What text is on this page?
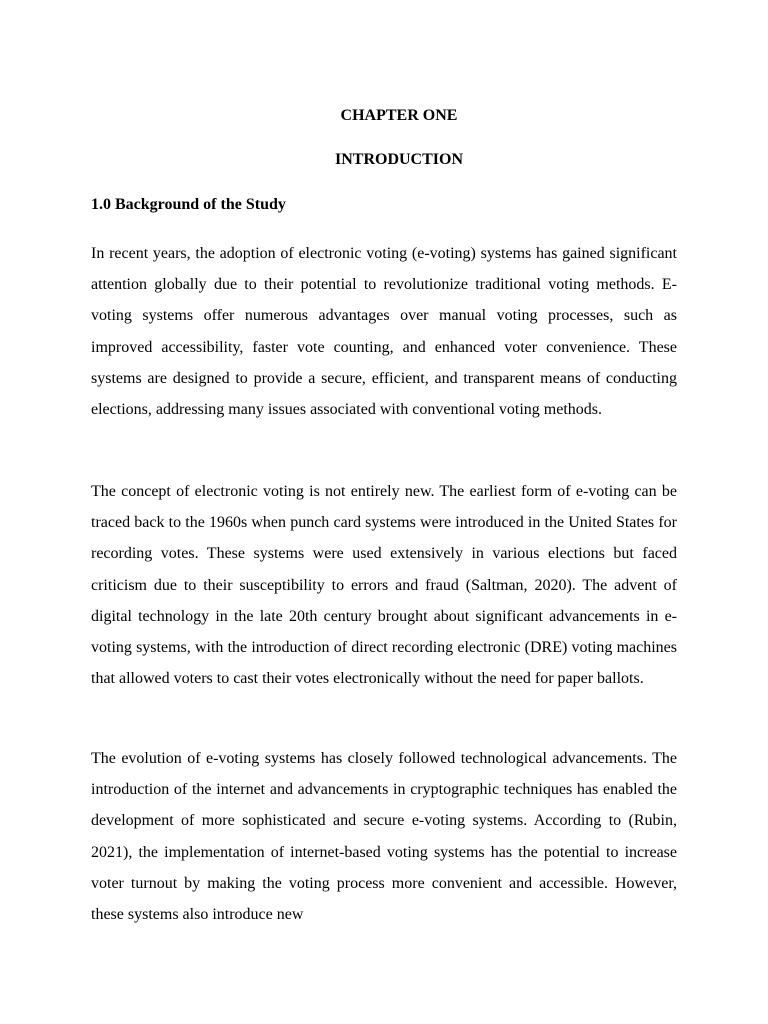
CHAPTER ONE
INTRODUCTION
1.0 Background of the Study

In recent years, the adoption of electronic voting (e-voting) systems has gained significant attention globally due to their potential to revolutionize traditional voting methods. E-voting systems offer numerous advantages over manual voting processes, such as improved accessibility, faster vote counting, and enhanced voter convenience. These systems are designed to provide a secure, efficient, and transparent means of conducting elections, addressing many issues associated with conventional voting methods.

The concept of electronic voting is not entirely new. The earliest form of e-voting can be traced back to the 1960s when punch card systems were introduced in the United States for recording votes. These systems were used extensively in various elections but faced criticism due to their susceptibility to errors and fraud (Saltman, 2020). The advent of digital technology in the late 20th century brought about significant advancements in e-voting systems, with the introduction of direct recording electronic (DRE) voting machines that allowed voters to cast their votes electronically without the need for paper ballots.

The evolution of e-voting systems has closely followed technological advancements. The introduction of the internet and advancements in cryptographic techniques has enabled the development of more sophisticated and secure e-voting systems. According to (Rubin, 2021), the implementation of internet-based voting systems has the potential to increase voter turnout by making the voting process more convenient and accessible. However, these systems also introduce new
